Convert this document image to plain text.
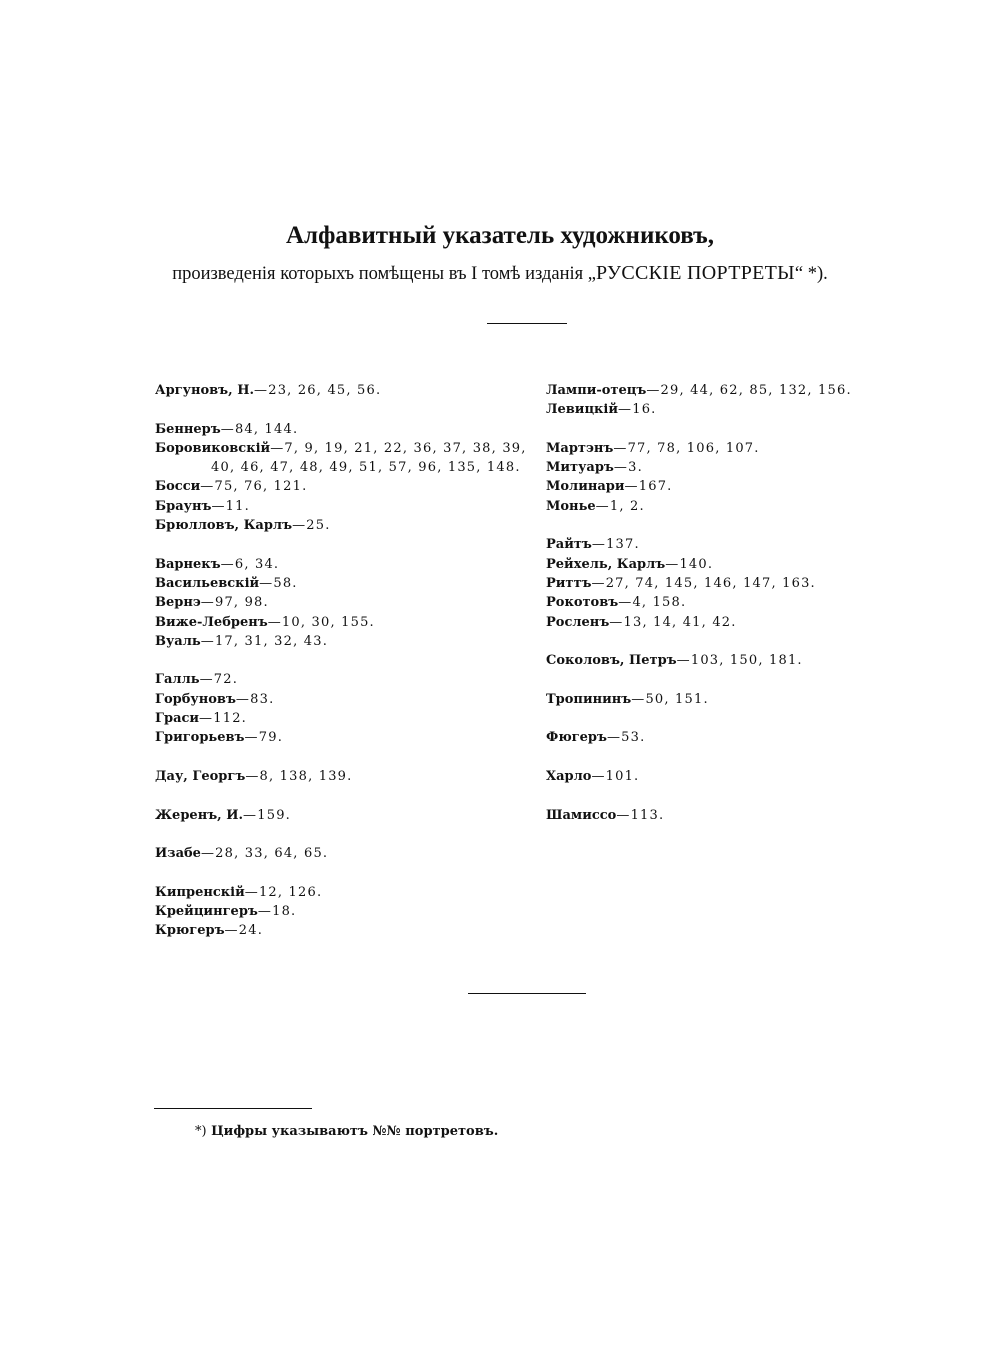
Алфавитный указатель художниковъ,

произведенія которыхъ помѣщены въ I томѣ изданія „РУССКІЕ ПОРТРЕТЫ“ *).

Аргуновъ, Н.—23, 26, 45, 56.
Беннеръ—84, 144.
Боровиковскій—7, 9, 19, 21, 22, 36, 37, 38, 39,
40, 46, 47, 48, 49, 51, 57, 96, 135, 148.
Босси—75, 76, 121.
Браунъ—11.
Брюлловъ, Карлъ—25.
Варнекъ—6, 34.
Васильевскій—58.
Вернэ—97, 98.
Виже-Лебренъ—10, 30, 155.
Вуаль—17, 31, 32, 43.
Галль—72.
Горбуновъ—83.
Граси—112.
Григорьевъ—79.
Дау, Георгъ—8, 138, 139.
Жеренъ, И.—159.
Изабе—28, 33, 64, 65.
Кипренскій—12, 126.
Крейцингеръ—18.
Крюгеръ—24.
Лампи-отецъ—29, 44, 62, 85, 132, 156.
Левицкій—16.
Мартэнъ—77, 78, 106, 107.
Митуаръ—3.
Молинари—167.
Монье—1, 2.
Райтъ—137.
Рейхель, Карлъ—140.
Риттъ—27, 74, 145, 146, 147, 163.
Рокотовъ—4, 158.
Росленъ—13, 14, 41, 42.
Соколовъ, Петръ—103, 150, 181.
Тропининъ—50, 151.
Фюгеръ—53.
Харло—101.
Шамиссо—113.
*) Цифры указываютъ №№ портретовъ.
